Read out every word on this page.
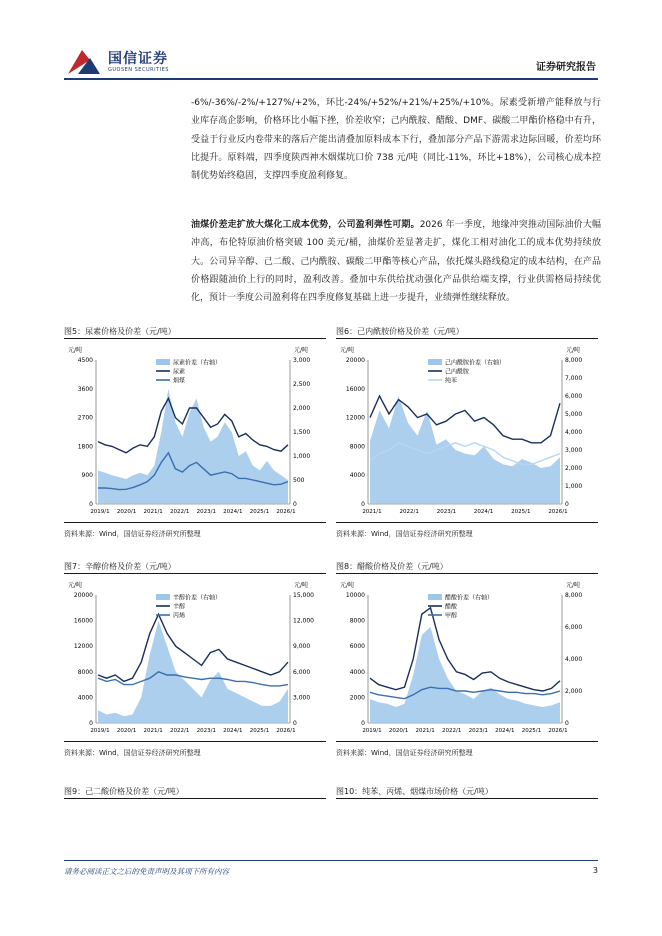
国信证券
GUOSEN SECURITIES	证券研究报告
-6%/-36%/-2%/+127%/+2%，环比-24%/+52%/+21%/+25%/+10%。尿素受新增产能释放与行业库存高企影响，价格环比小幅下挫，价差收窄；己内酰胺、醋酸、DMF、碳酸二甲酯价格稳中有升，受益于行业反内卷带来的落后产能出清叠加原料成本下行，叠加部分产品下游需求边际回暖，价差均环比提升。原料端，四季度陕西神木烟煤坑口价 738 元/吨（同比-11%，环比+18%），公司核心成本控制优势始终稳固，支撑四季度盈利修复。
油煤价差走扩放大煤化工成本优势，公司盈利弹性可期。2026 年一季度，地缘冲突推动国际油价大幅冲高，布伦特原油价格突破 100 美元/桶，油煤价差显著走扩，煤化工相对油化工的成本优势持续放大。公司异辛醇、己二酸、己内酰胺、碳酸二甲酯等核心产品，依托煤头路线稳定的成本结构，在产品价格跟随油价上行的同时，盈利改善。叠加中东供给扰动强化产品供给端支撑，行业供需格局持续优化，预计一季度公司盈利将在四季度修复基础上进一步提升，业绩弹性继续释放。
图5：尿素价格及价差（元/吨）	图6：己内酰胺价格及价差（元/吨）
元/吨	元/吨
4500
3600
2700
1800
900
0
3,000
2,500
2,000
1,500
1,000
500
0
2019/1 2020/1 2021/1 2022/1 2023/1 2024/1 2025/1 2026/1
尿素价差（右轴）
尿素
烟煤
元/吨	元/吨
20000
16000
12000
8000
4000
0
8,000
7,000
6,000
5,000
4,000
3,000
2,000
1,000
0
2021/1	2022/1	2023/1	2024/1	2025/1	2026/1
己内酰胺价差（右轴）
己内酰胺
纯苯
资料来源：Wind，国信证券经济研究所整理	资料来源：Wind，国信证券经济研究所整理
图7：辛醇价格及价差（元/吨）	图8：醋酸价格及价差（元/吨）
元/吨	元/吨
20000
16000
12000
8000
4000
0
15,000
12,000
9,000
6,000
3,000
0
2019/1 2020/1 2021/1 2022/1 2023/1 2024/1 2025/1 2026/1
辛醇价差（右轴）
辛醇
丙烯
元/吨	元/吨
10000
8000
6000
4000
2000
0
8,000
6,000
4,000
2,000
0
2019/1 2020/1 2021/1 2022/1 2023/1 2024/1 2025/1 2026/1
醋酸价差（右轴）
醋酸
甲醇
资料来源：Wind，国信证券经济研究所整理	资料来源：Wind，国信证券经济研究所整理
图9：己二酸价格及价差（元/吨）	图10：纯苯、丙烯、烟煤市场价格（元/吨）
请务必阅读正文之后的免责声明及其项下所有内容	3
